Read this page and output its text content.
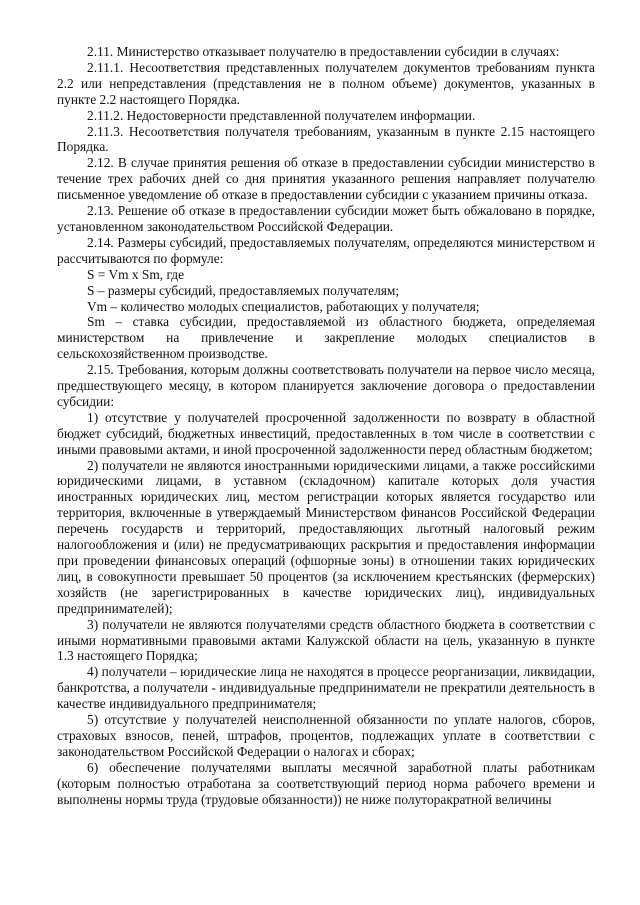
2.11. Министерство отказывает получателю в предоставлении субсидии в случаях:

2.11.1. Несоответствия представленных получателем документов требованиям пункта 2.2 или непредставления (представления не в полном объеме) документов, указанных в пункте 2.2 настоящего Порядка.

2.11.2. Недостоверности представленной получателем информации.

2.11.3. Несоответствия получателя требованиям, указанным в пункте 2.15 настоящего Порядка.

2.12. В случае принятия решения об отказе в предоставлении субсидии министерство в течение трех рабочих дней со дня принятия указанного решения направляет получателю письменное уведомление об отказе в предоставлении субсидии с указанием причины отказа.

2.13. Решение об отказе в предоставлении субсидии может быть обжаловано в порядке, установленном законодательством Российской Федерации.

2.14. Размеры субсидий, предоставляемых получателям, определяются министерством и рассчитываются по формуле:

S = Vm x Sm, где

S – размеры субсидий, предоставляемых получателям;

Vm – количество молодых специалистов, работающих у получателя;

Sm – ставка субсидии, предоставляемой из областного бюджета, определяемая министерством на привлечение и закрепление молодых специалистов в сельскохозяйственном производстве.

2.15. Требования, которым должны соответствовать получатели на первое число месяца, предшествующего месяцу, в котором планируется заключение договора о предоставлении субсидии:

1) отсутствие у получателей просроченной задолженности по возврату в областной бюджет субсидий, бюджетных инвестиций, предоставленных в том числе в соответствии с иными правовыми актами, и иной просроченной задолженности перед областным бюджетом;

2) получатели не являются иностранными юридическими лицами, а также российскими юридическими лицами, в уставном (складочном) капитале которых доля участия иностранных юридических лиц, местом регистрации которых является государство или территория, включенные в утверждаемый Министерством финансов Российской Федерации перечень государств и территорий, предоставляющих льготный налоговый режим налогообложения и (или) не предусматривающих раскрытия и предоставления информации при проведении финансовых операций (офшорные зоны) в отношении таких юридических лиц, в совокупности превышает 50 процентов (за исключением крестьянских (фермерских) хозяйств (не зарегистрированных в качестве юридических лиц), индивидуальных предпринимателей);

3) получатели не являются получателями средств областного бюджета в соответствии с иными нормативными правовыми актами Калужской области на цель, указанную в пункте 1.3 настоящего Порядка;

4) получатели – юридические лица не находятся в процессе реорганизации, ликвидации, банкротства, а получатели - индивидуальные предприниматели не прекратили деятельность в качестве индивидуального предпринимателя;

5) отсутствие у получателей неисполненной обязанности по уплате налогов, сборов, страховых взносов, пеней, штрафов, процентов, подлежащих уплате в соответствии с законодательством Российской Федерации о налогах и сборах;

6) обеспечение получателями выплаты месячной заработной платы работникам (которым полностью отработана за соответствующий период норма рабочего времени и выполнены нормы труда (трудовые обязанности)) не ниже полуторакратной величины
